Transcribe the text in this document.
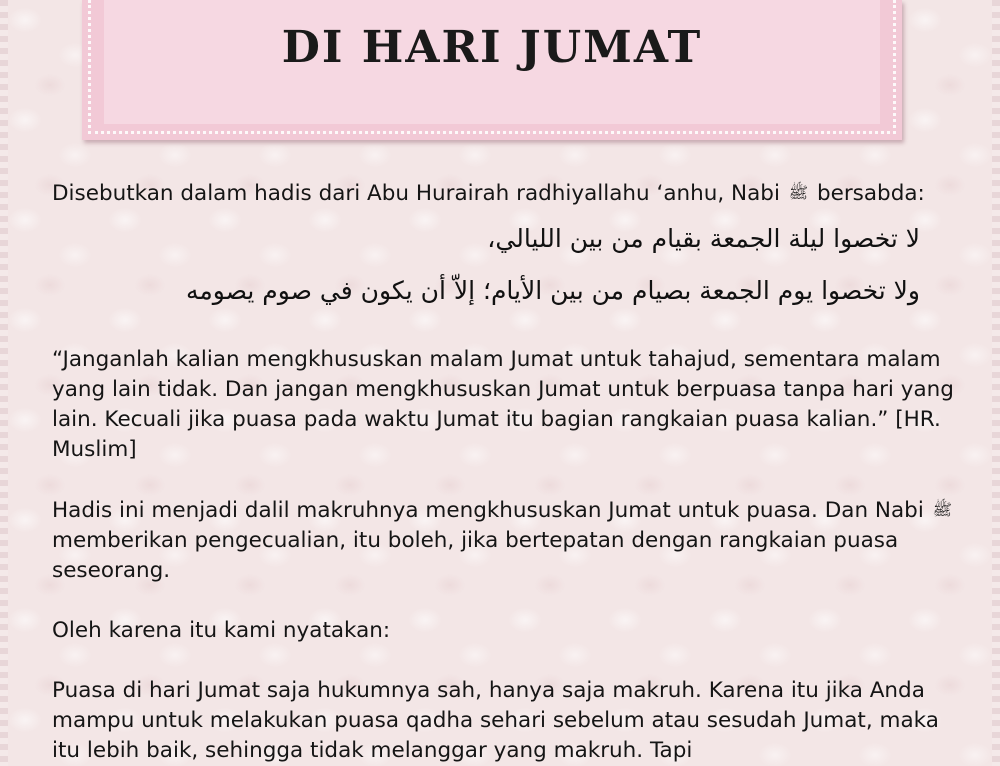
DI HARI JUMAT

Disebutkan dalam hadis dari Abu Hurairah radhiyallahu ‘anhu, Nabi ﷺ bersabda:

لا تخصوا ليلة الجمعة بقيام من بين الليالي،
ولا تخصوا يوم الجمعة بصيام من بين الأيام؛ إلاّ أن يكون في صوم يصومه

“Janganlah kalian mengkhususkan malam Jumat untuk tahajud, sementara malam yang lain tidak. Dan jangan mengkhususkan Jumat untuk berpuasa tanpa hari yang lain. Kecuali jika puasa pada waktu Jumat itu bagian rangkaian puasa kalian.” [HR. Muslim]

Hadis ini menjadi dalil makruhnya mengkhususkan Jumat untuk puasa. Dan Nabi ﷺ memberikan pengecualian, itu boleh, jika bertepatan dengan rangkaian puasa seseorang.

Oleh karena itu kami nyatakan:

Puasa di hari Jumat saja hukumnya sah, hanya saja makruh. Karena itu jika Anda mampu untuk melakukan puasa qadha sehari sebelum atau sesudah Jumat, maka itu lebih baik, sehingga tidak melanggar yang makruh. Tapi
